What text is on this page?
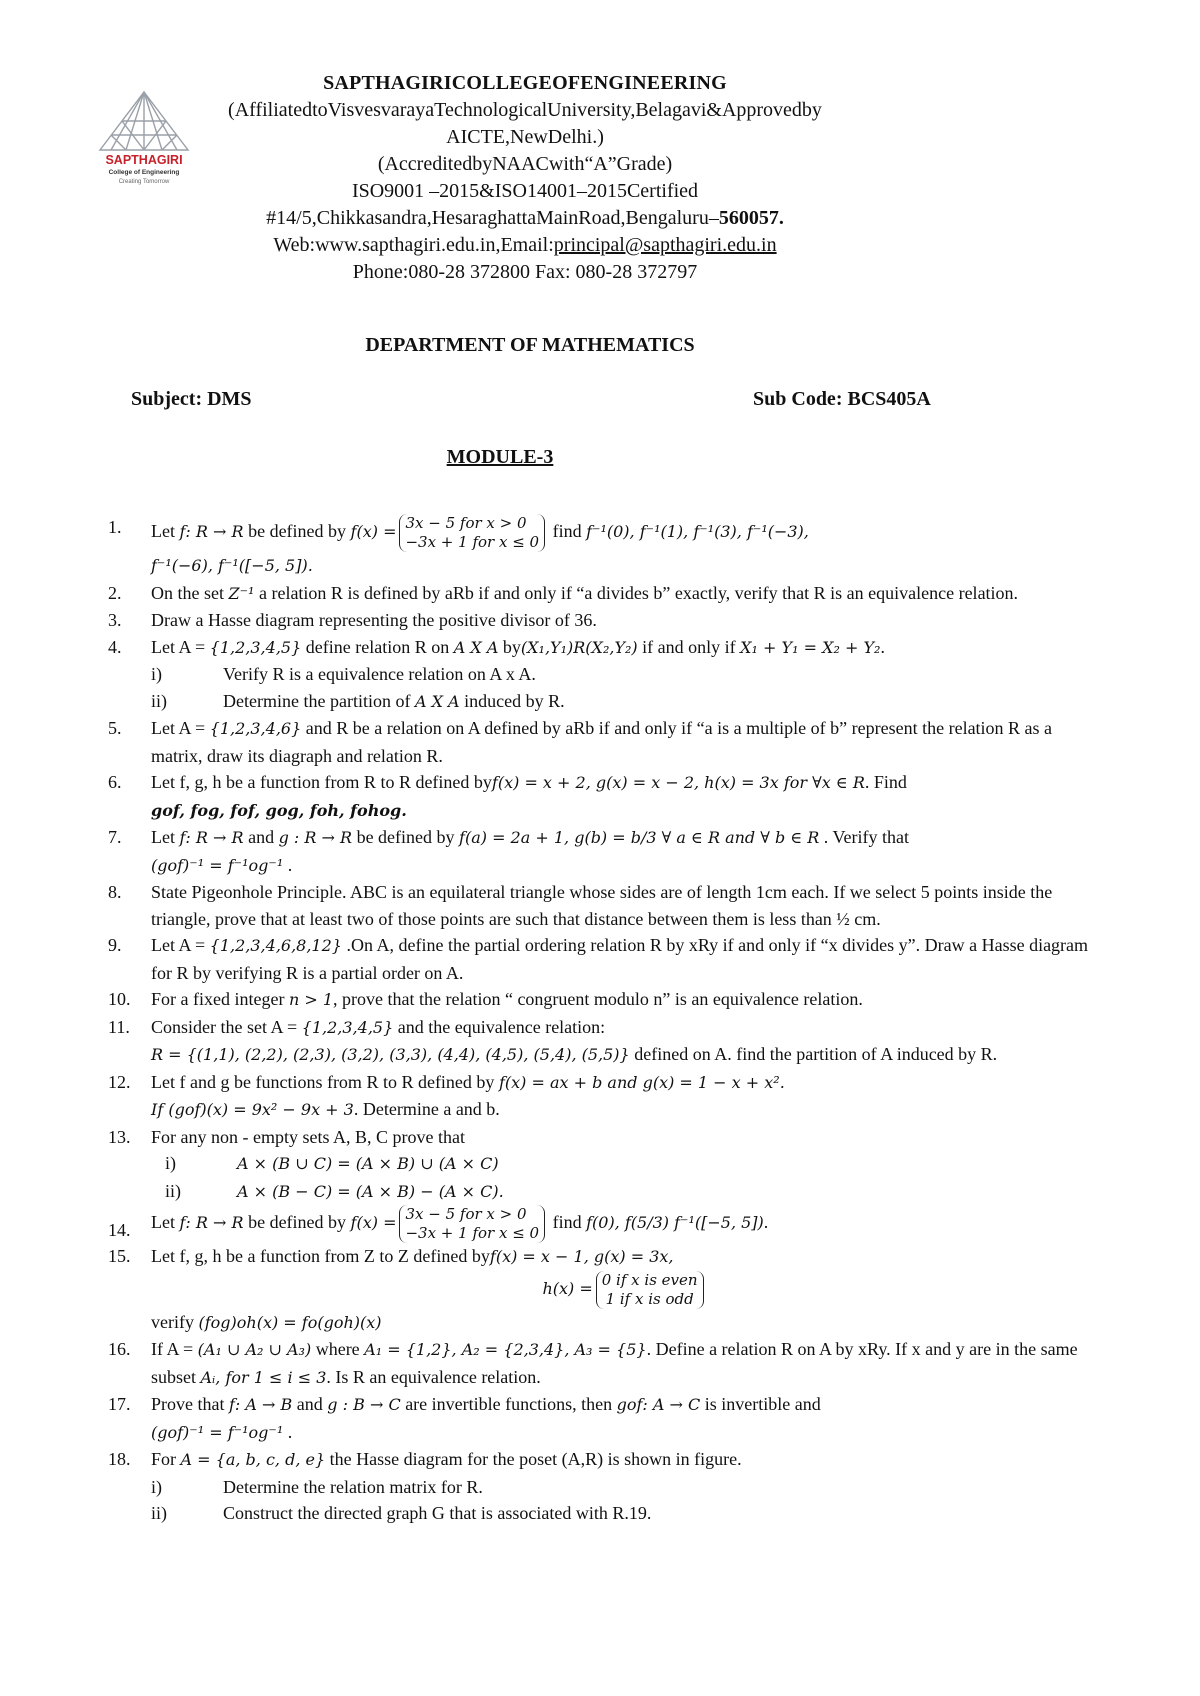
SAPTHAGIRI
College of Engineering
Creating Tomorrow
SAPTHAGIRICOLLEGEOFENGINEERING
(AffiliatedtoVisvesvarayaTechnologicalUniversity,Belagavi&Approvedby
AICTE,NewDelhi.)
(AccreditedbyNAACwith“A”Grade)
ISO9001 –2015&ISO14001–2015Certified
#14/5,Chikkasandra,HesaraghattaMainRoad,Bengaluru–560057.
Web:www.sapthagiri.edu.in,Email:principal@sapthagiri.edu.in
Phone:080-28 372800 Fax: 080-28 372797
DEPARTMENT OF MATHEMATICS
Subject: DMS	Sub Code: BCS405A
MODULE-3
1.	Let f: R → R be defined by f(x) = 3x − 5 for x > 0
−3x + 1 for x ≤ 0 find f⁻¹(0), f⁻¹(1), f⁻¹(3), f⁻¹(−3),
f⁻¹(−6), f⁻¹([−5, 5]).
2.	On the set Z⁻¹ a relation R is defined by aRb if and only if “a divides b” exactly, verify that R is an equivalence relation.
3.	Draw a Hasse diagram representing the positive divisor of 36.
4.	Let A = {1,2,3,4,5} define relation R on A X A by(X₁,Y₁)R(X₂,Y₂) if and only if X₁ + Y₁ = X₂ + Y₂.
i)	Verify R is a equivalence relation on A x A.
ii)	Determine the partition of A X A induced by R.
5.	Let A = {1,2,3,4,6} and R be a relation on A defined by aRb if and only if “a is a multiple of b” represent the relation R as a matrix, draw its diagraph and relation R.
6.	Let f, g, h be a function from R to R defined byf(x) = x + 2, g(x) = x − 2, h(x) = 3x for ∀x ∈ R. Find
gof, fog, fof, gog, foh, fohog.
7.	Let f: R → R and g : R → R be defined by f(a) = 2a + 1, g(b) = b/3 ∀ a ∈ R and ∀ b ∈ R . Verify that
(gof)⁻¹ = f⁻¹og⁻¹ .
8.	State Pigeonhole Principle. ABC is an equilateral triangle whose sides are of length 1cm each. If we select 5 points inside the triangle, prove that at least two of those points are such that distance between them is less than ½ cm.
9.	Let A = {1,2,3,4,6,8,12} .On A, define the partial ordering relation R by xRy if and only if “x divides y”. Draw a Hasse diagram for R by verifying R is a partial order on A.
10.	For a fixed integer n > 1, prove that the relation “ congruent modulo n” is an equivalence relation.
11.	Consider the set A = {1,2,3,4,5} and the equivalence relation:
R = {(1,1), (2,2), (2,3), (3,2), (3,3), (4,4), (4,5), (5,4), (5,5)} defined on A. find the partition of A induced by R.
12.	Let f and g be functions from R to R defined by f(x) = ax + b and g(x) = 1 − x + x².
If (gof)(x) = 9x² − 9x + 3. Determine a and b.
13.	For any non - empty sets A, B, C prove that
i)	A × (B ∪ C) = (A × B) ∪ (A × C)
ii)	A × (B − C) = (A × B) − (A × C).
14.	Let f: R → R be defined by f(x) = 3x − 5 for x > 0
−3x + 1 for x ≤ 0 find f(0), f(5/3) f⁻¹([−5, 5]).
15.	Let f, g, h be a function from Z to Z defined byf(x) = x − 1, g(x) = 3x,
h(x) = 0 if x is even
1 if x is odd
verify (fog)oh(x) = fo(goh)(x)
16.	If A = (A₁ ∪ A₂ ∪ A₃) where A₁ = {1,2}, A₂ = {2,3,4}, A₃ = {5}. Define a relation R on A by xRy. If x and y are in the same subset Aᵢ, for 1 ≤ i ≤ 3. Is R an equivalence relation.
17.	Prove that f: A → B and g : B → C are invertible functions, then gof: A → C is invertible and
(gof)⁻¹ = f⁻¹og⁻¹ .
18.	For A = {a, b, c, d, e} the Hasse diagram for the poset (A,R) is shown in figure.
i)	Determine the relation matrix for R.
ii)	Construct the directed graph G that is associated with R.19.
